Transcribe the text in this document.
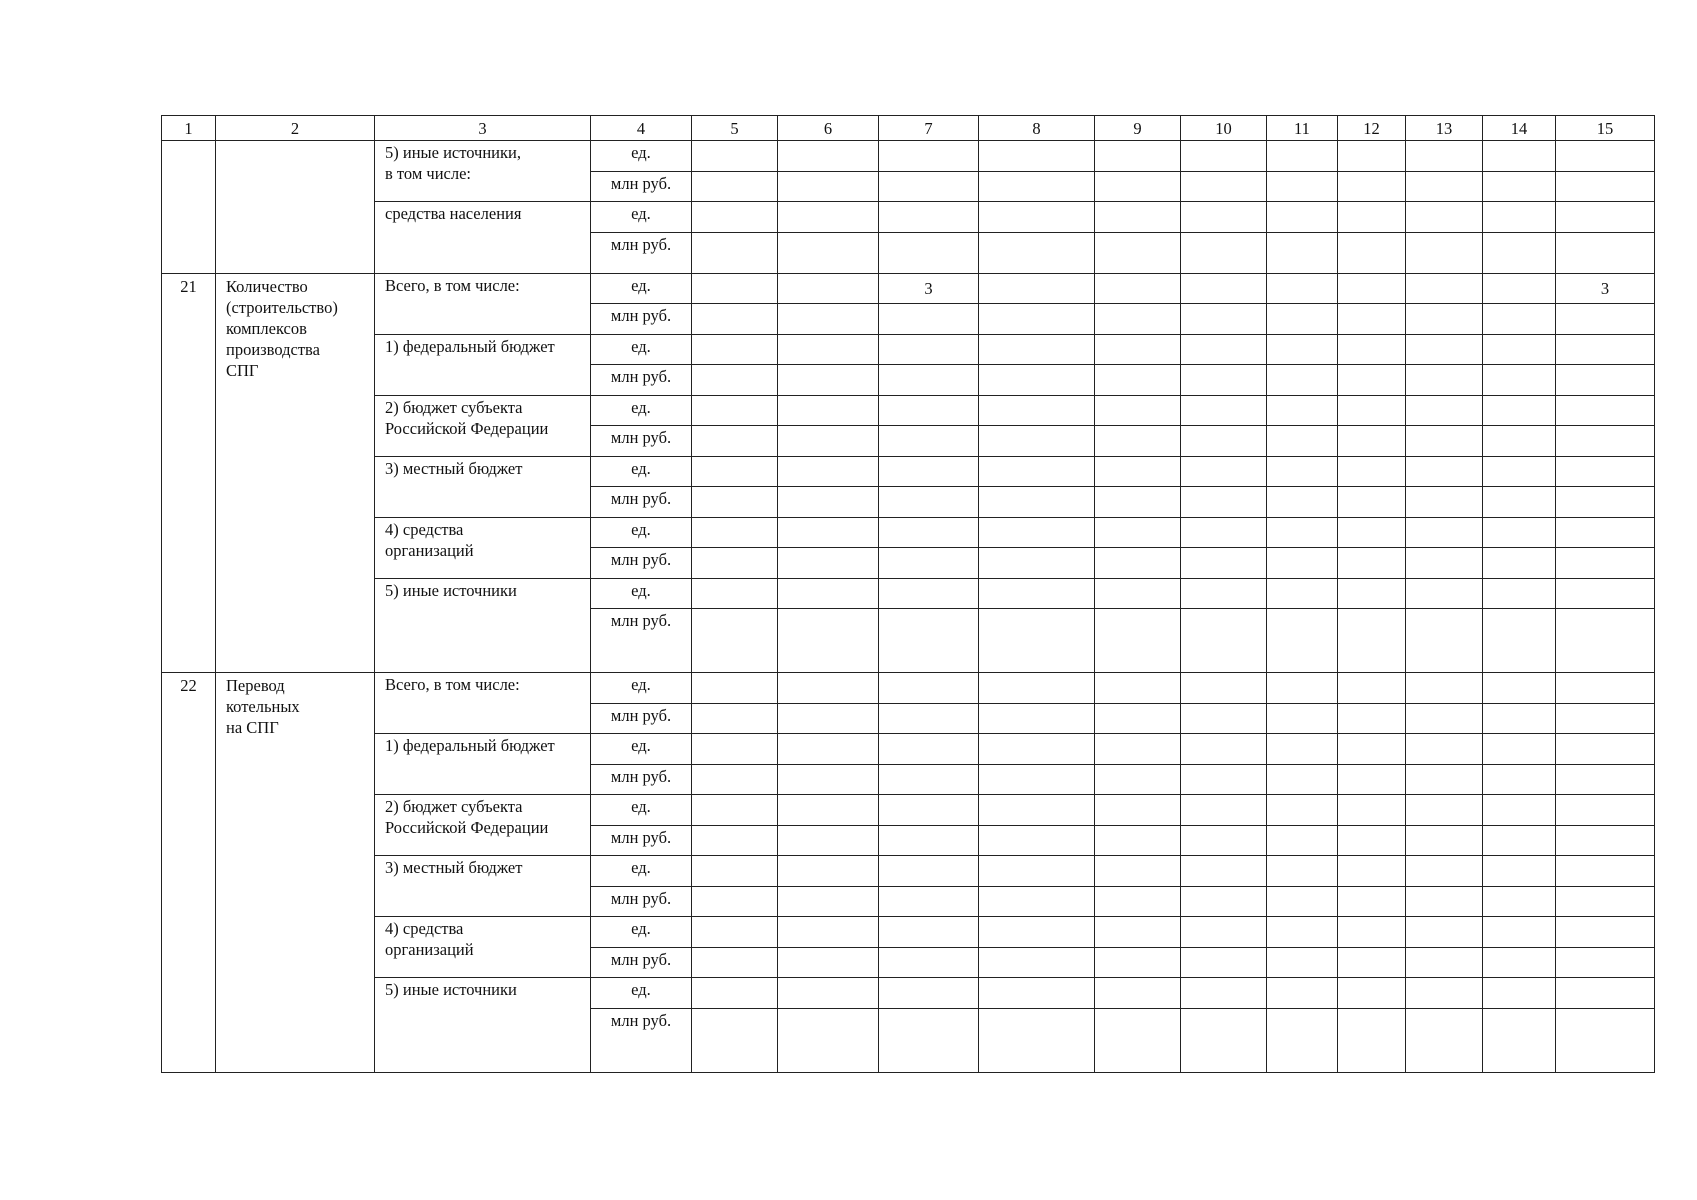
1	2	3	4	5	6	7	8	9	10	11	12	13	14	15
		5) иные источники,
в том числе:	ед.											
			млн руб.											
		средства населения	ед.											
			млн руб.											
21	Количество
(строительство)
комплексов
производства
СПГ	Всего, в том числе:	ед.			3								3
			млн руб.											
		1) федеральный бюджет	ед.											
			млн руб.											
		2) бюджет субъекта
Российской Федерации	ед.											
			млн руб.											
		3) местный бюджет	ед.											
			млн руб.											
		4) средства
организаций	ед.											
			млн руб.											
		5) иные источники	ед.											
			млн руб.											
22	Перевод
котельных
на СПГ	Всего, в том числе:	ед.											
			млн руб.											
		1) федеральный бюджет	ед.											
			млн руб.											
		2) бюджет субъекта
Российской Федерации	ед.											
			млн руб.											
		3) местный бюджет	ед.											
			млн руб.											
		4) средства
организаций	ед.											
			млн руб.											
		5) иные источники	ед.											
			млн руб.											
